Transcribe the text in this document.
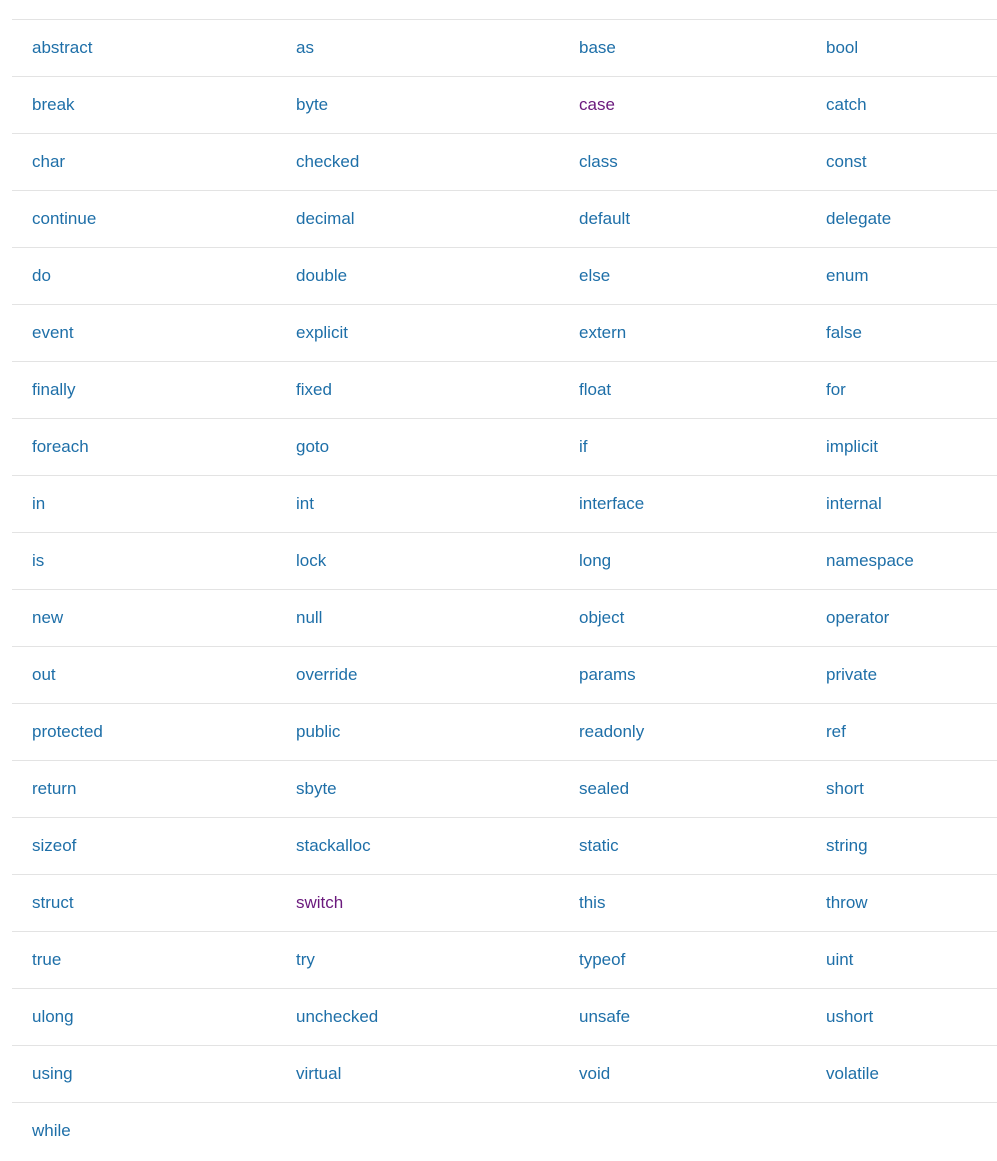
abstract	as	base	bool
break	byte	case	catch
char	checked	class	const
continue	decimal	default	delegate
do	double	else	enum
event	explicit	extern	false
finally	fixed	float	for
foreach	goto	if	implicit
in	int	interface	internal
is	lock	long	namespace
new	null	object	operator
out	override	params	private
protected	public	readonly	ref
return	sbyte	sealed	short
sizeof	stackalloc	static	string
struct	switch	this	throw
true	try	typeof	uint
ulong	unchecked	unsafe	ushort
using	virtual	void	volatile
while			
